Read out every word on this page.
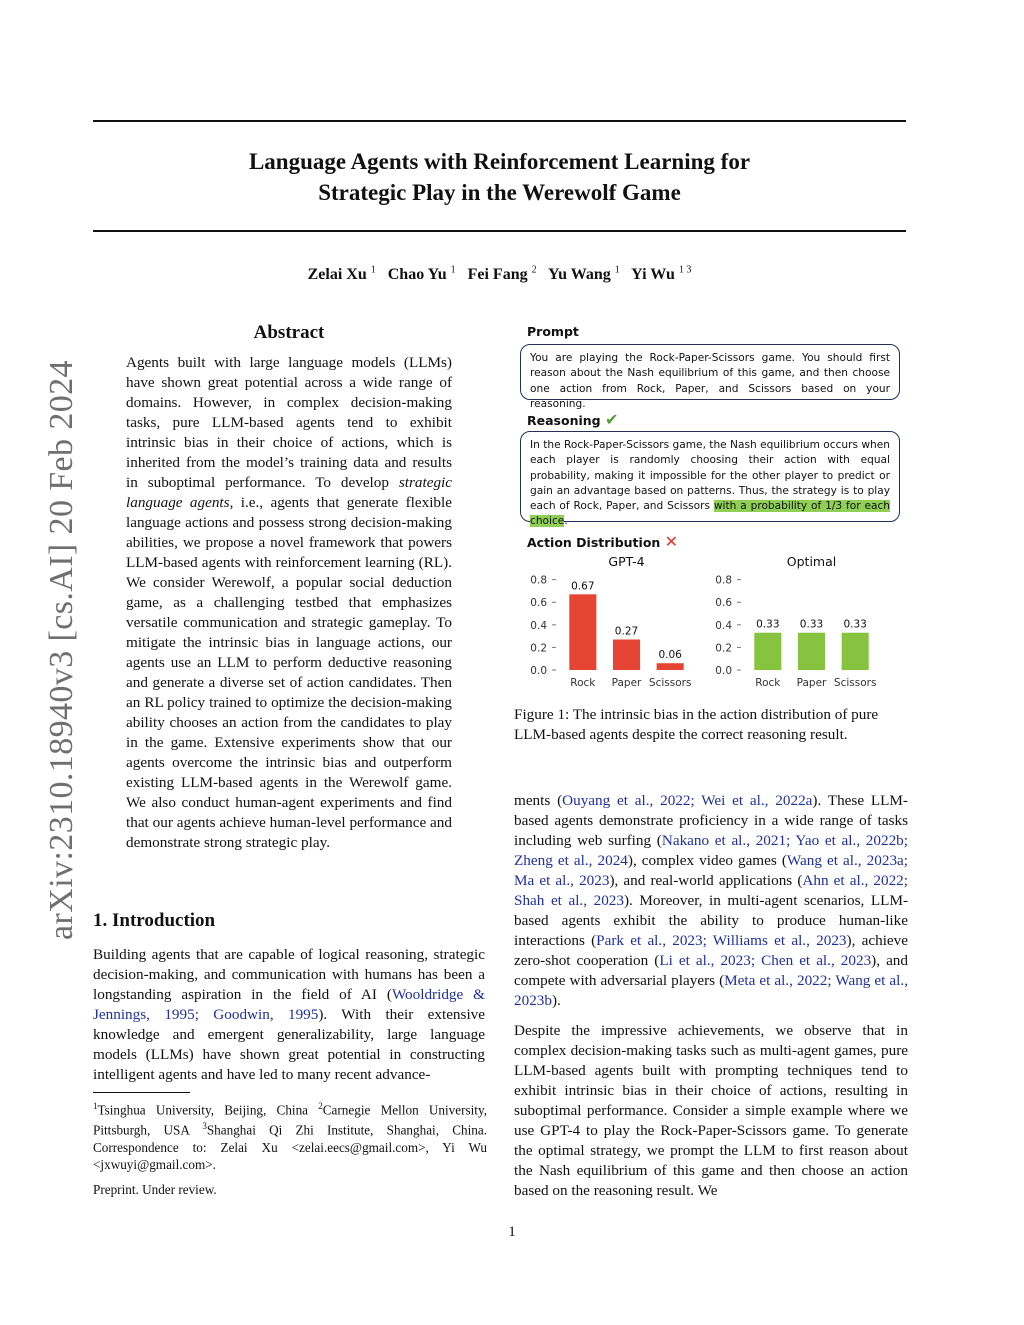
arXiv:2310.18940v3 [cs.AI] 20 Feb 2024
Language Agents with Reinforcement Learning for
Strategic Play in the Werewolf Game
Zelai Xu $^1$ Chao Yu $^1$ Fei Fang $^2$ Yu Wang $^1$ Yi Wu $^{1 3}$
Abstract
Agents built with large language models (LLMs) have shown great potential across a wide range of domains. However, in complex decision-making tasks, pure LLM-based agents tend to exhibit intrinsic bias in their choice of actions, which is inherited from the model’s training data and results in suboptimal performance. To develop strategic language agents, i.e., agents that generate flexible language actions and possess strong decision-making abilities, we propose a novel framework that powers LLM-based agents with reinforcement learning (RL). We consider Werewolf, a popular social deduction game, as a challenging testbed that emphasizes versatile communication and strategic gameplay. To mitigate the intrinsic bias in language actions, our agents use an LLM to perform deductive reasoning and generate a diverse set of action candidates. Then an RL policy trained to optimize the decision-making ability chooses an action from the candidates to play in the game. Extensive experiments show that our agents overcome the intrinsic bias and outperform existing LLM-based agents in the Werewolf game. We also conduct human-agent experiments and find that our agents achieve human-level performance and demonstrate strong strategic play.
1. Introduction
Building agents that are capable of logical reasoning, strategic decision-making, and communication with humans has been a longstanding aspiration in the field of AI (Wooldridge & Jennings, 1995; Goodwin, 1995). With their extensive knowledge and emergent generalizability, large language models (LLMs) have shown great potential in constructing intelligent agents and have led to many recent advance-
$^1$Tsinghua University, Beijing, China $^2$Carnegie Mellon University, Pittsburgh, USA $^3$Shanghai Qi Zhi Institute, Shanghai, China. Correspondence to: Zelai Xu <zelai.eecs@gmail.com>, Yi Wu <jxwuyi@gmail.com>.
Preprint. Under review.
ments (Ouyang et al., 2022; Wei et al., 2022a). These LLM-based agents demonstrate proficiency in a wide range of tasks including web surfing (Nakano et al., 2021; Yao et al., 2022b; Zheng et al., 2024), complex video games (Wang et al., 2023a; Ma et al., 2023), and real-world applications (Ahn et al., 2022; Shah et al., 2023). Moreover, in multi-agent scenarios, LLM-based agents exhibit the ability to produce human-like interactions (Park et al., 2023; Williams et al., 2023), achieve zero-shot cooperation (Li et al., 2023; Chen et al., 2023), and compete with adversarial players (Meta et al., 2022; Wang et al., 2023b).
Despite the impressive achievements, we observe that in complex decision-making tasks such as multi-agent games, pure LLM-based agents built with prompting techniques tend to exhibit intrinsic bias in their choice of actions, resulting in suboptimal performance. Consider a simple example where we use GPT-4 to play the Rock-Paper-Scissors game. To generate the optimal strategy, we prompt the LLM to first reason about the Nash equilibrium of this game and then choose an action based on the reasoning result. We
1
Prompt
You are playing the Rock-Paper-Scissors game. You should first reason about the Nash equilibrium of this game, and then choose one action from Rock, Paper, and Scissors based on your reasoning.
Reasoning ✔
In the Rock-Paper-Scissors game, the Nash equilibrium occurs when each player is randomly choosing their action with equal probability, making it impossible for the other player to predict or gain an advantage based on patterns. Thus, the strategy is to play each of Rock, Paper, and Scissors with a probability of 1/3 for each choice.
Action Distribution ✕
GPT-4
0.0
0.2
0.4
0.6
0.8 0.67
Rock
0.27
Paper
0.06
Scissors
Optimal
0.0
0.2
0.4
0.6
0.8
0.33
Rock
0.33
Paper
0.33
Scissors
Figure 1: The intrinsic bias in the action distribution of pure LLM-based agents despite the correct reasoning result.
